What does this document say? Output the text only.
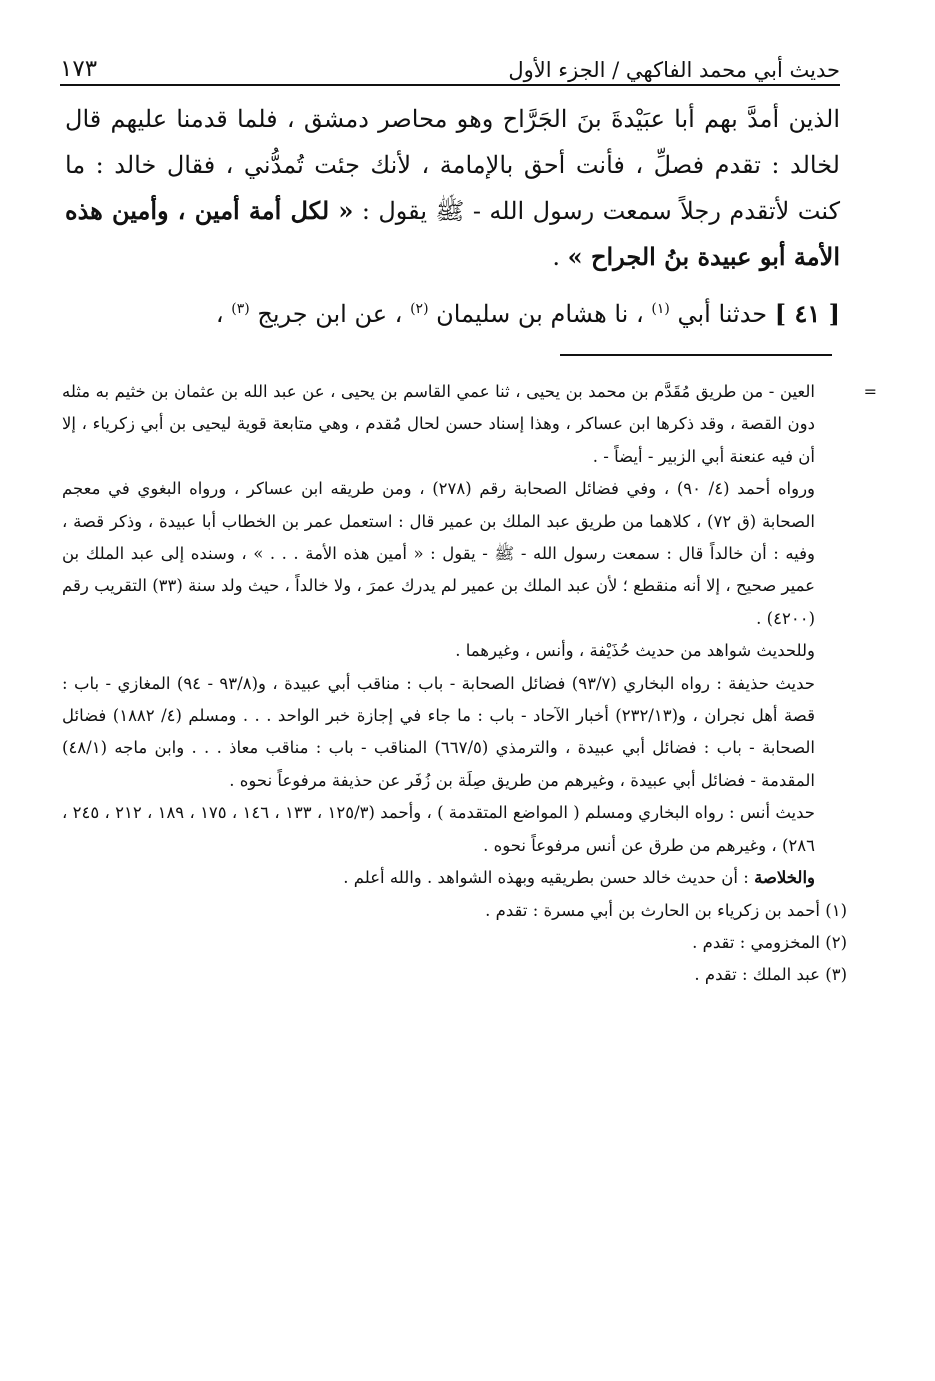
١٧٣	حديث أبي محمد الفاكهي / الجزء الأول

الذين أمدَّ بهم أبا عبَيْدةَ بنَ الجَرَّاح وهو محاصر دمشق ، فلما قدمنا عليهم قال لخالد : تقدم فصلِّ ، فأنت أحق بالإمامة ، لأنك جئت تُمدُّني ، فقال خالد : ما كنت لأتقدم رجلاً سمعت رسول الله - ﷺ يقول : « لكل أمة أمين ، وأمين هذه الأمة أبو عبيدة بنُ الجراح » .

[ ٤١ ] حدثنا أبي $^{(١)}$ ، نا هشام بن سليمان $^{(٢)}$ ، عن ابن جريج $^{(٣)}$ ،

=

العين - من طريق مُقَدَّم بن محمد بن يحيى ، ثنا عمي القاسم بن يحيى ، عن عبد الله بن عثمان بن خثيم به مثله دون القصة ، وقد ذكرها ابن عساكر ، وهذا إسناد حسن لحال مُقدم ، وهي متابعة قوية ليحيى بن أبي زكرياء ، إلا أن فيه عنعنة أبي الزبير - أيضاً - .

ورواه أحمد (٤/ ٩٠) ، وفي فضائل الصحابة رقم (٢٧٨) ، ومن طريقه ابن عساكر ، ورواه البغوي في معجم الصحابة (ق ٧٢) ، كلاهما من طريق عبد الملك بن عمير قال : استعمل عمر بن الخطاب أبا عبيدة ، وذكر قصة ، وفيه : أن خالداً قال : سمعت رسول الله - ﷺ - يقول : « أمين هذه الأمة . . . » ، وسنده إلى عبد الملك بن عمير صحيح ، إلا أنه منقطع ؛ لأن عبد الملك بن عمير لم يدرك عمرَ ، ولا خالداً ، حيث ولد سنة (٣٣) التقريب رقم (٤٢٠٠) .

وللحديث شواهد من حديث حُذَيْفة ، وأنس ، وغيرهما .

حديث حذيفة : رواه البخاري (٩٣/٧) فضائل الصحابة - باب : مناقب أبي عبيدة ، و(٩٣/٨ - ٩٤) المغازي - باب : قصة أهل نجران ، و(٢٣٢/١٣) أخبار الآحاد - باب : ما جاء في إجازة خبر الواحد . . . ومسلم (٤/ ١٨٨٢) فضائل الصحابة - باب : فضائل أبي عبيدة ، والترمذي (٦٦٧/٥) المناقب - باب : مناقب معاذ . . . وابن ماجه (٤٨/١) المقدمة - فضائل أبي عبيدة ، وغيرهم من طريق صِلَة بن زُفَر عن حذيفة مرفوعاً نحوه .

حديث أنس : رواه البخاري ومسلم ( المواضع المتقدمة ) ، وأحمد (١٢٥/٣ ، ١٣٣ ، ١٤٦ ، ١٧٥ ، ١٨٩ ، ٢١٢ ، ٢٤٥ ، ٢٨٦) ، وغيرهم من طرق عن أنس مرفوعاً نحوه .

والخلاصة : أن حديث خالد حسن بطريقيه وبهذه الشواهد . والله أعلم .

(١) أحمد بن زكرياء بن الحارث بن أبي مسرة : تقدم .

(٢) المخزومي : تقدم .

(٣) عبد الملك : تقدم .
